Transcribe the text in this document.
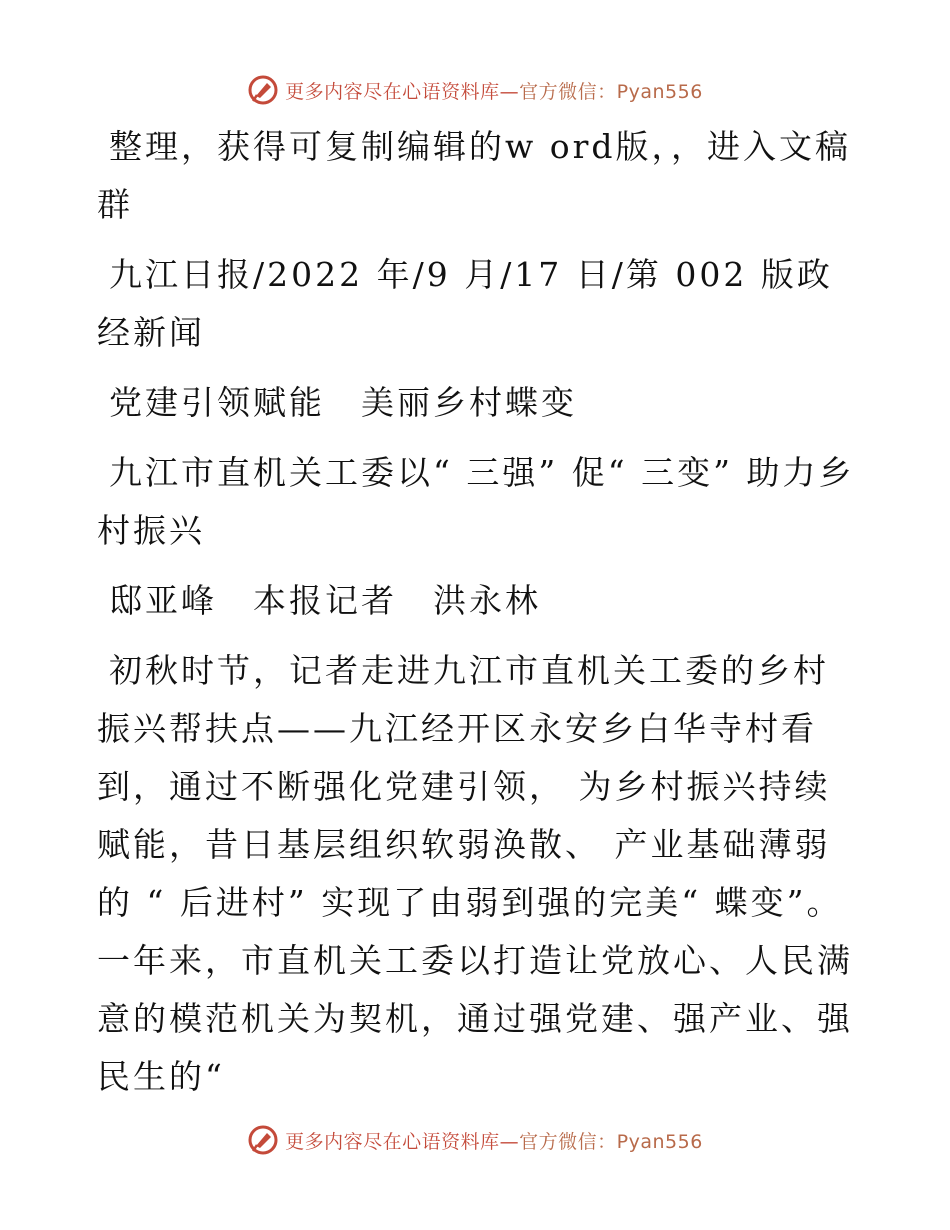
更多内容尽在心语资料库—官方微信：Pyan556

整理，获得可复制编辑的w ord版，，进入文稿群

九江日报/2022 年/9 月/17 日/第 002 版政经新闻

党建引领赋能　美丽乡村蝶变

九江市直机关工委以“ 三强” 促“ 三变” 助力乡村振兴

邸亚峰　本报记者　洪永林

初秋时节，记者走进九江市直机关工委的乡村振兴帮扶点——九江经开区永安乡白华寺村看到，通过不断强化党建引领， 为乡村振兴持续赋能，昔日基层组织软弱涣散、 产业基础薄弱的 “ 后进村” 实现了由弱到强的完美“ 蝶变”。一年来，市直机关工委以打造让党放心、人民满意的模范机关为契机，通过强党建、强产业、强民生的“

更多内容尽在心语资料库—官方微信：Pyan556
